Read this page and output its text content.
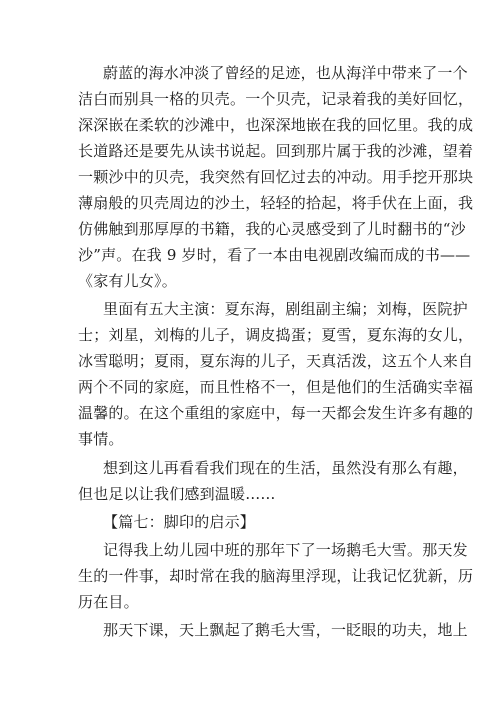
蔚蓝的海水冲淡了曾经的足迹，也从海洋中带来了一个
洁白而别具一格的贝壳。一个贝壳，记录着我的美好回忆，
深深嵌在柔软的沙滩中，也深深地嵌在我的回忆里。我的成
长道路还是要先从读书说起。回到那片属于我的沙滩，望着
一颗沙中的贝壳，我突然有回忆过去的冲动。用手挖开那块
薄扇般的贝壳周边的沙土，轻轻的拾起，将手伏在上面，我
仿佛触到那厚厚的书籍，我的心灵感受到了儿时翻书的“沙
沙”声。在我 9 岁时，看了一本由电视剧改编而成的书——
《家有儿女》。
里面有五大主演：夏东海，剧组副主编；刘梅，医院护
士；刘星，刘梅的儿子，调皮捣蛋；夏雪，夏东海的女儿，
冰雪聪明；夏雨，夏东海的儿子，天真活泼，这五个人来自
两个不同的家庭，而且性格不一，但是他们的生活确实幸福
温馨的。在这个重组的家庭中，每一天都会发生许多有趣的
事情。
想到这儿再看看我们现在的生活，虽然没有那么有趣，
但也足以让我们感到温暖……
【篇七：脚印的启示】
记得我上幼儿园中班的那年下了一场鹅毛大雪。那天发
生的一件事，却时常在我的脑海里浮现，让我记忆犹新，历
历在目。
那天下课，天上飘起了鹅毛大雪，一眨眼的功夫，地上
